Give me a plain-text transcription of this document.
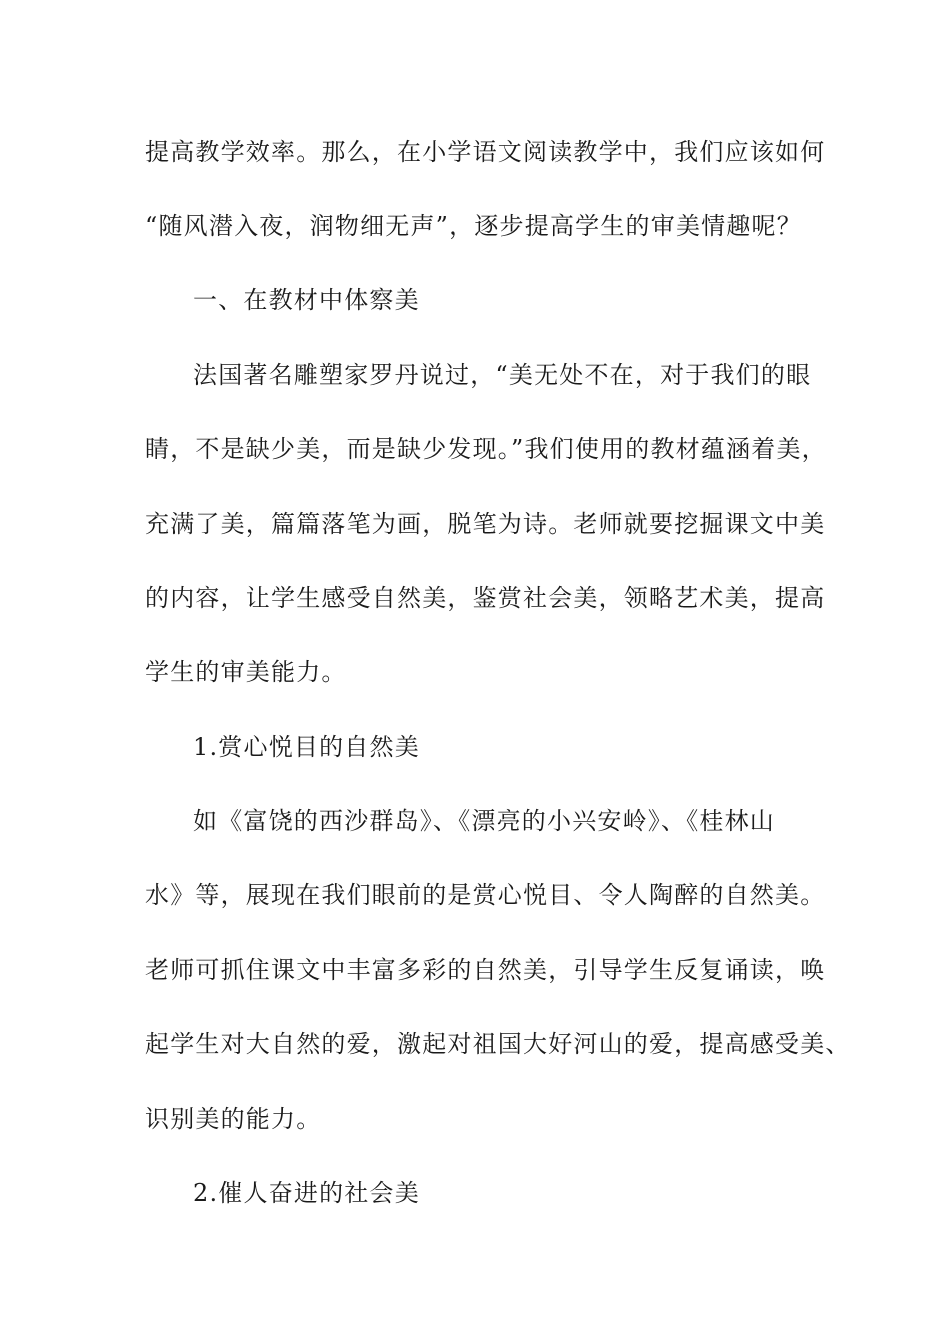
提高教学效率。那么，在小学语文阅读教学中，我们应该如何
“随风潜入夜，润物细无声”，逐步提高学生的审美情趣呢？
一、在教材中体察美
法国著名雕塑家罗丹说过，“美无处不在，对于我们的眼
睛，不是缺少美，而是缺少发现。”我们使用的教材蕴涵着美，
充满了美，篇篇落笔为画，脱笔为诗。老师就要挖掘课文中美
的内容，让学生感受自然美，鉴赏社会美，领略艺术美，提高
学生的审美能力。
1.赏心悦目的自然美
如《富饶的西沙群岛》、《漂亮的小兴安岭》、《桂林山
水》等，展现在我们眼前的是赏心悦目、令人陶醉的自然美。
老师可抓住课文中丰富多彩的自然美，引导学生反复诵读，唤
起学生对大自然的爱，激起对祖国大好河山的爱，提高感受美、
识别美的能力。
2.催人奋进的社会美
